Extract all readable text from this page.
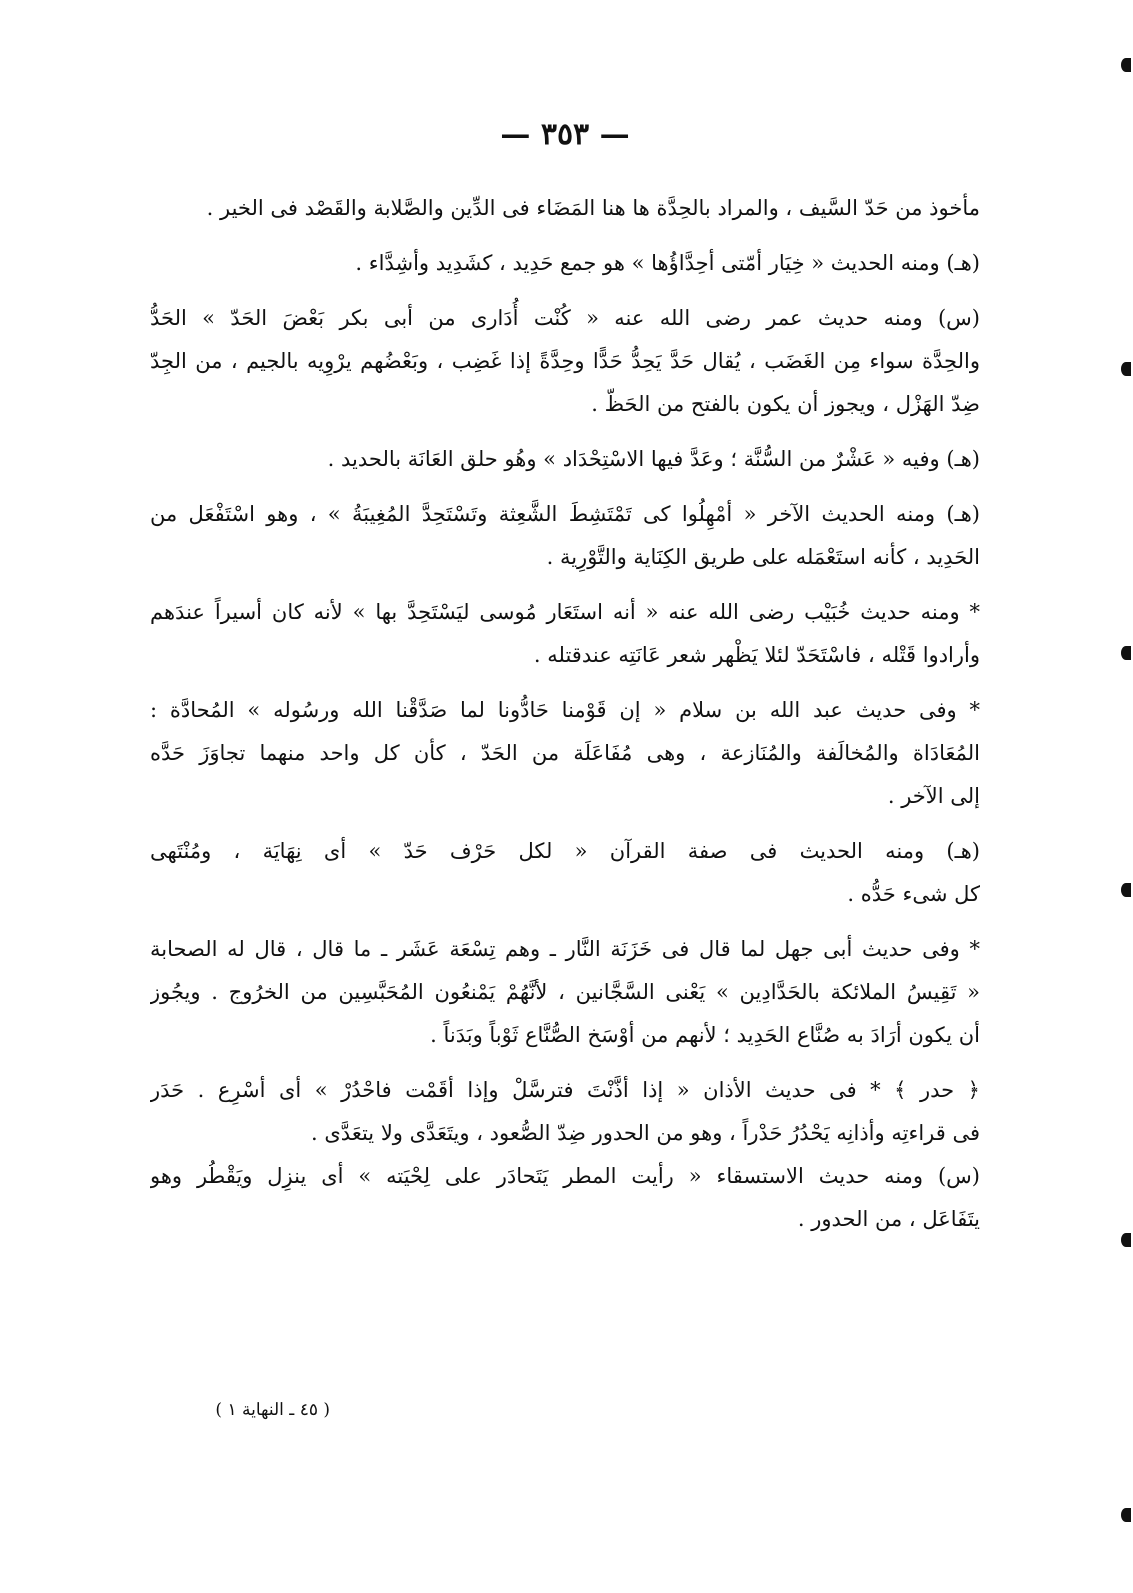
— ٣٥٣ —
مأخوذ من حَدّ السَّيف ، والمراد بالحِدَّة ها هنا المَضَاء فى الدِّين والصَّلابة والقَصْد فى الخير .
(هـ) ومنه الحديث « خِيَار أمّتى أحِدَّاؤُها » هو جمع حَدِيد ، كشَدِيد وأشِدَّاء .
(س) ومنه حديث عمر رضى الله عنه « كُنْت أُدَارى من أبى بكر بَعْضَ الحَدّ » الحَدُّ
والحِدَّة سواء مِن الغَضَب ، يُقال حَدَّ يَحِدُّ حَدًّا وحِدَّةً إذا غَضِب ، وبَعْضُهم يرْوِيه بالجيم ، من الجِدّ
ضِدّ الهَزْل ، ويجوز أن يكون بالفتح من الحَظّ .
(هـ) وفيه « عَشْرٌ من السُّنَّة ؛ وعَدَّ فيها الاسْتِحْدَاد » وهُو حلق العَانَة بالحديد .
(هـ) ومنه الحديث الآخر « أمْهِلُوا كى تَمْتَشِطَ الشَّعِثة وتَسْتَحِدَّ المُغِيبَةُ » ، وهو اسْتَفْعَل من
الحَدِيد ، كأنه استَعْمَله على طريق الكِنَاية والتَّوْرِية .
* ومنه حديث خُبَيْب رضى الله عنه « أنه استَعَار مُوسى ليَسْتَحِدَّ بها » لأنه كان أسيراً عندَهم
وأرادوا قَتْله ، فاسْتَحَدّ لئلا يَظْهر شعر عَانَتِه عندقتله .
* وفى حديث عبد الله بن سلام « إن قَوْمنا حَادُّونا لما صَدَّقْنا الله ورسُوله » المُحادَّة :
المُعَادَاة والمُخالَفة والمُنَازعة ، وهى مُفَاعَلَة من الحَدّ ، كأن كل واحد منهما تجاوَزَ حَدَّه
إلى الآخر .
(هـ) ومنه الحديث فى صفة القرآن « لكل حَرْف حَدّ » أى نِهَايَة ، ومُنْتَهى
كل شىء حَدُّه .
* وفى حديث أبى جهل لما قال فى خَزَنَة النَّار ـ وهم تِسْعَة عَشَر ـ ما قال ، قال له الصحابة
« تَقِيسُ الملائكة بالحَدَّادِين » يَعْنى السَّجَّانين ، لأنَّهُمْ يَمْنعُون المُحَبَّسِين من الخرُوج . ويجُوز
أن يكون أرَادَ به صُنَّاع الحَدِيد ؛ لأنهم من أوْسَخ الصُّنَّاع ثَوْباً وبَدَناً .
﴿ حدر ﴾ * فى حديث الأذان « إذا أذَّنْتَ فترسَّلْ وإذا أقَمْت فاحْدُرْ » أى أسْرِع . حَدَر
فى قراءتِه وأذانِه يَحْدُرُ حَدْراً ، وهو من الحدور ضِدّ الصُّعود ، ويتَعَدَّى ولا يتعَدَّى .
(س) ومنه حديث الاستسقاء « رأيت المطر يَتَحادَر على لِحْيَته » أى ينزِل ويَقْطُر وهو
يتَفَاعَل ، من الحدور .
( ٤٥ ـ النهاية ١ )
